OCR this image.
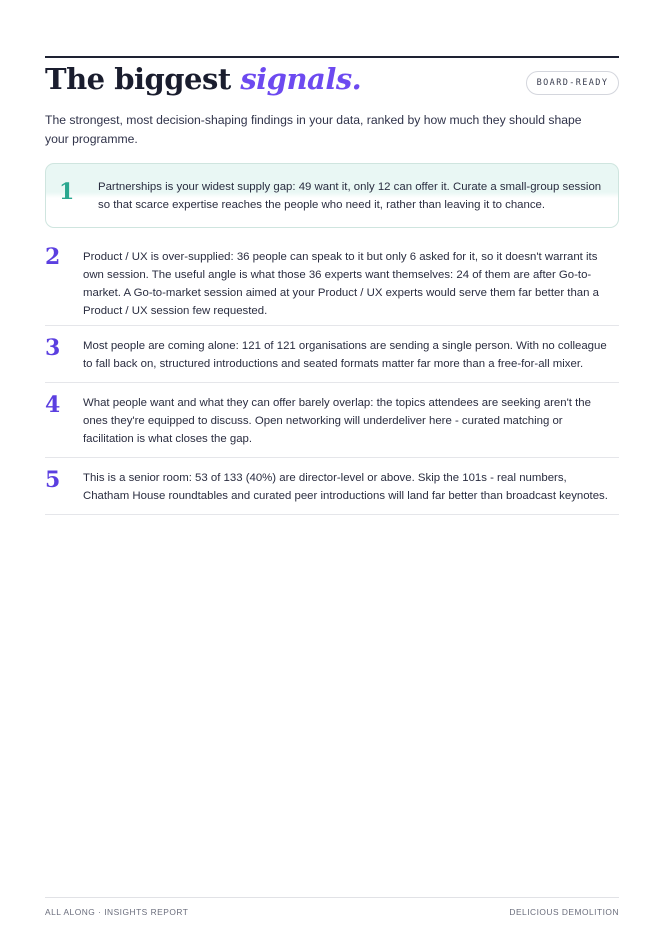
The biggest signals.	BOARD-READY

The strongest, most decision-shaping findings in your data, ranked by how much they should shape your programme.

1	Partnerships is your widest supply gap: 49 want it, only 12 can offer it. Curate a small-group session so that scarce expertise reaches the people who need it, rather than leaving it to chance.

2	Product / UX is over-supplied: 36 people can speak to it but only 6 asked for it, so it doesn't warrant its own session. The useful angle is what those 36 experts want themselves: 24 of them are after Go-to-market. A Go-to-market session aimed at your Product / UX experts would serve them far better than a Product / UX session few requested.

3	Most people are coming alone: 121 of 121 organisations are sending a single person. With no colleague to fall back on, structured introductions and seated formats matter far more than a free-for-all mixer.

4	What people want and what they can offer barely overlap: the topics attendees are seeking aren't the ones they're equipped to discuss. Open networking will underdeliver here - curated matching or facilitation is what closes the gap.

5	This is a senior room: 53 of 133 (40%) are director-level or above. Skip the 101s - real numbers, Chatham House roundtables and curated peer introductions will land far better than broadcast keynotes.

ALL ALONG · INSIGHTS REPORT	DELICIOUS DEMOLITION
